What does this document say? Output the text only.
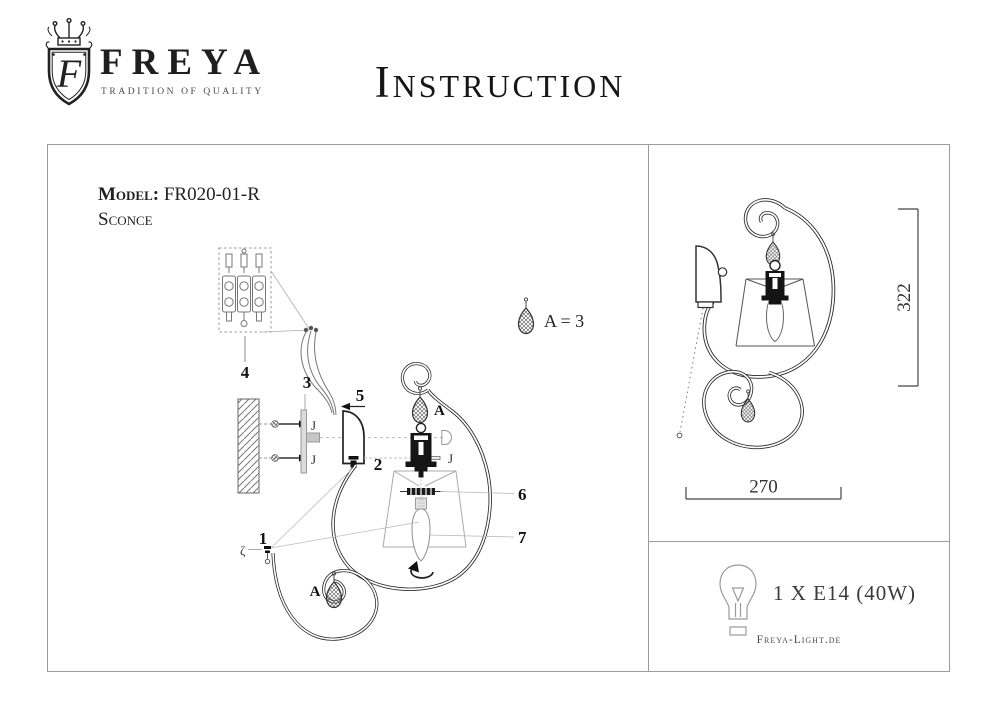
F FREYA
TRADITION OF QUALITY	Instruction
Model: FR020-01-R
Sconce
4
3
J
J
5
J
2
A
6
7
A
ζ
1
A = 3
322
270
1 X E14 (40W)
Freya-Light.de
